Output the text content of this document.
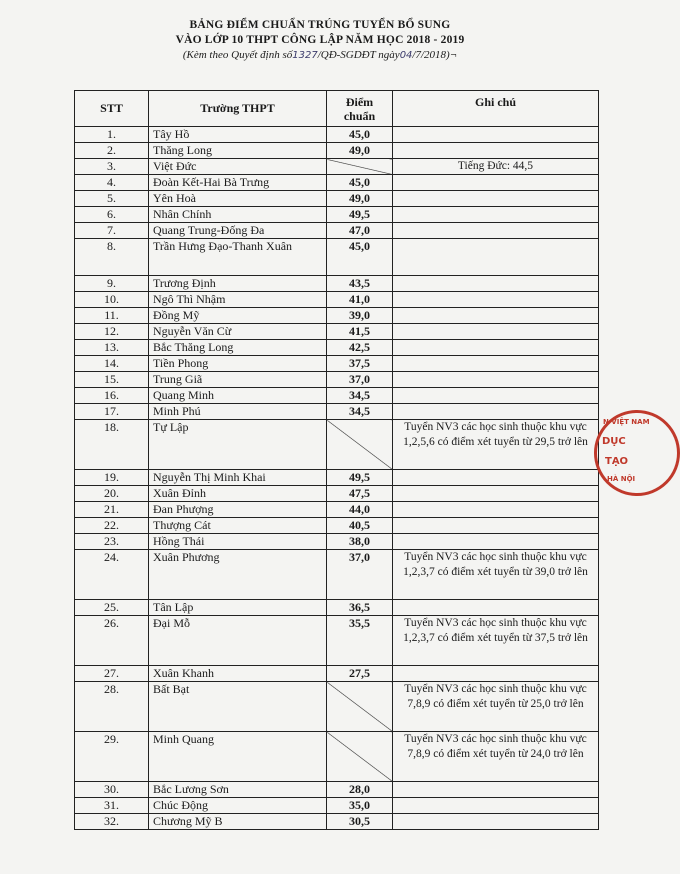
BẢNG ĐIỂM CHUẨN TRÚNG TUYỂN BỔ SUNG
VÀO LỚP 10 THPT CÔNG LẬP NĂM HỌC 2018 - 2019
(Kèm theo Quyết định số1327/QĐ-SGDĐT ngày04/7/2018)¬
STT	Trường THPT	Điểm chuẩn	Ghi chú
1.	Tây Hồ	45,0	
2.	Thăng Long	49,0	
3.	Việt Đức		Tiếng Đức: 44,5
4.	Đoàn Kết-Hai Bà Trưng	45,0	
5.	Yên Hoà	49,0	
6.	Nhân Chính	49,5	
7.	Quang Trung-Đống Đa	47,0	
8.	Trần Hưng Đạo-Thanh Xuân	45,0	
9.	Trương Định	43,5	
10.	Ngô Thì Nhậm	41,0	
11.	Đồng Mỹ	39,0	
12.	Nguyễn Văn Cừ	41,5	
13.	Bắc Thăng Long	42,5	
14.	Tiền Phong	37,5	
15.	Trung Giã	37,0	
16.	Quang Minh	34,5	
17.	Minh Phú	34,5	
18.	Tự Lập		Tuyển NV3 các học sinh thuộc khu vực 1,2,5,6 có điểm xét tuyển từ 29,5 trở lên
19.	Nguyễn Thị Minh Khai	49,5	
20.	Xuân Đỉnh	47,5	
21.	Đan Phượng	44,0	
22.	Thượng Cát	40,5	
23.	Hồng Thái	38,0	
24.	Xuân Phương	37,0	Tuyển NV3 các học sinh thuộc khu vực 1,2,3,7 có điểm xét tuyển từ 39,0 trở lên
25.	Tân Lập	36,5	
26.	Đại Mỗ	35,5	Tuyển NV3 các học sinh thuộc khu vực 1,2,3,7 có điểm xét tuyển từ 37,5 trở lên
27.	Xuân Khanh	27,5	
28.	Bất Bạt		Tuyển NV3 các học sinh thuộc khu vực 7,8,9 có điểm xét tuyển từ 25,0 trở lên
29.	Minh Quang		Tuyển NV3 các học sinh thuộc khu vực 7,8,9 có điểm xét tuyển từ 24,0 trở lên
30.	Bắc Lương Sơn	28,0	
31.	Chúc Động	35,0	
32.	Chương Mỹ B	30,5	
N VIỆT NAM
DỤC
TẠO
HÀ NỘI
